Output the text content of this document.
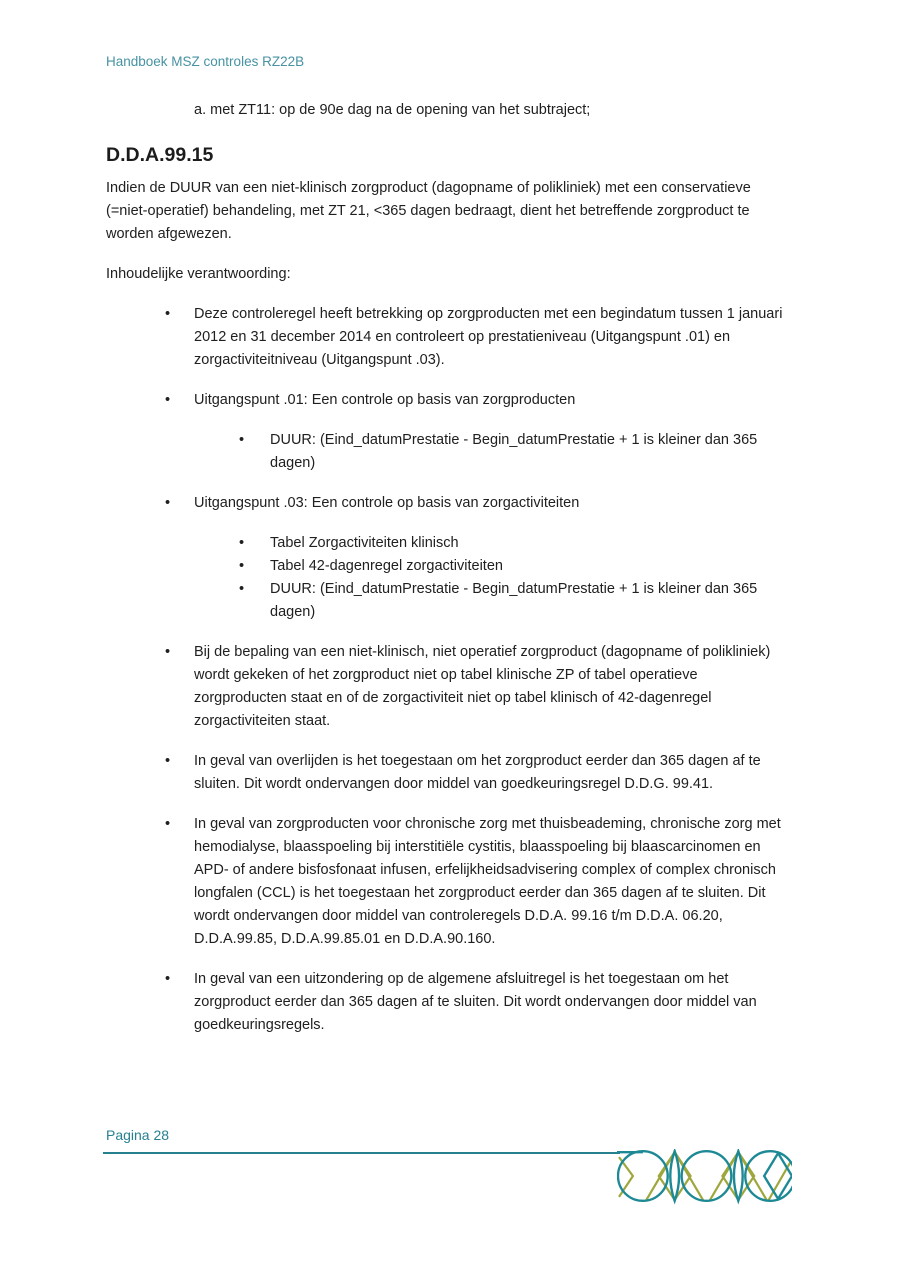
Handboek MSZ controles RZ22B
a. met ZT11: op de 90e dag na de opening van het subtraject;
D.D.A.99.15
Indien de DUUR van een niet-klinisch zorgproduct (dagopname of polikliniek) met een conservatieve (=niet-operatief) behandeling, met ZT 21, <365 dagen bedraagt, dient het betreffende zorgproduct te worden afgewezen.
Inhoudelijke verantwoording:
• Deze controleregel heeft betrekking op zorgproducten met een begindatum tussen 1 januari 2012 en 31 december 2014 en controleert op prestatieniveau (Uitgangspunt .01) en zorgactiviteitniveau (Uitgangspunt .03).
• Uitgangspunt .01: Een controle op basis van zorgproducten
• DUUR: (Eind_datumPrestatie - Begin_datumPrestatie + 1 is kleiner dan 365 dagen)
• Uitgangspunt .03: Een controle op basis van zorgactiviteiten
• Tabel Zorgactiviteiten klinisch
• Tabel 42-dagenregel zorgactiviteiten
• DUUR: (Eind_datumPrestatie - Begin_datumPrestatie + 1 is kleiner dan 365 dagen)
• Bij de bepaling van een niet-klinisch, niet operatief zorgproduct (dagopname of polikliniek) wordt gekeken of het zorgproduct niet op tabel klinische ZP of tabel operatieve zorgproducten staat en of de zorgactiviteit niet op tabel klinisch of 42-dagenregel zorgactiviteiten staat.
• In geval van overlijden is het toegestaan om het zorgproduct eerder dan 365 dagen af te sluiten. Dit wordt ondervangen door middel van goedkeuringsregel D.D.G. 99.41.
• In geval van zorgproducten voor chronische zorg met thuisbeademing, chronische zorg met hemodialyse, blaasspoeling bij interstitiële cystitis, blaasspoeling bij blaascarcinomen en APD- of andere bisfosfonaat infusen, erfelijkheidsadvisering complex of complex chronisch longfalen (CCL) is het toegestaan het zorgproduct eerder dan 365 dagen af te sluiten. Dit wordt ondervangen door middel van controleregels D.D.A. 99.16 t/m D.D.A. 06.20, D.D.A.99.85, D.D.A.99.85.01 en D.D.A.90.160.
• In geval van een uitzondering op de algemene afsluitregel is het toegestaan om het zorgproduct eerder dan 365 dagen af te sluiten. Dit wordt ondervangen door middel van goedkeuringsregels.
Pagina 28
